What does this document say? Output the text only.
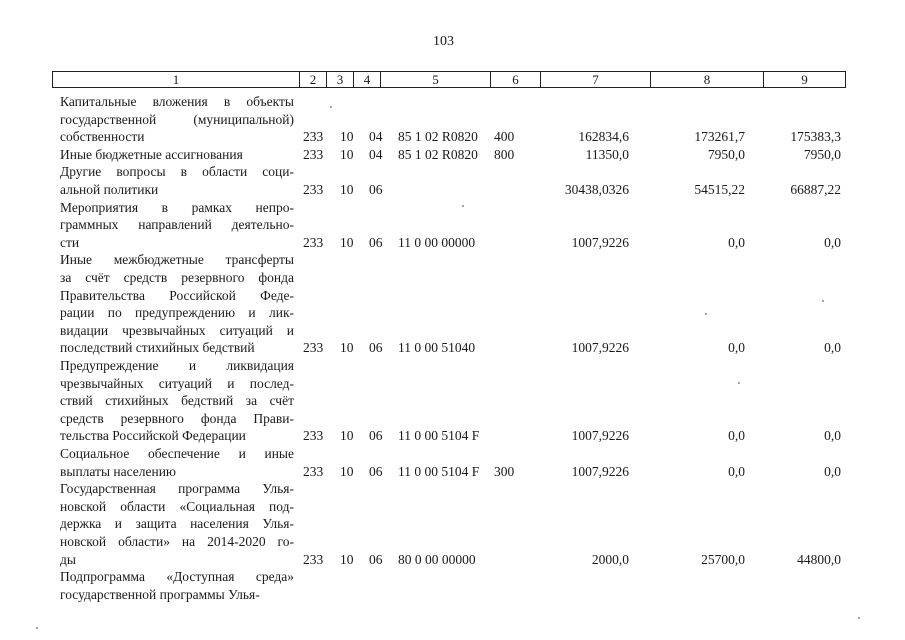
103
1	2	3	4	5	6	7	8	9
Капитальные вложения в объекты
государственной (муниципальной)
собственности	233 10 04 85 1 02 R0820 400	162834,6	173261,7	175383,3
Иные бюджетные ассигнования	233 10 04 85 1 02 R0820 800	11350,0	7950,0	7950,0
Другие вопросы в области соци-
альной политики	233 10 06	30438,0326	54515,22	66887,22
Мероприятия в рамках непро-
граммных направлений деятельно-
сти	233 10 06 11 0 00 00000	1007,9226	0,0	0,0
Иные межбюджетные трансферты
за счёт средств резервного фонда
Правительства Российской Феде-
рации по предупреждению и лик-
видации чрезвычайных ситуаций и
последствий стихийных бедствий	233 10 06 11 0 00 51040	1007,9226	0,0	0,0
Предупреждение и ликвидация
чрезвычайных ситуаций и послед-
ствий стихийных бедствий за счёт
средств резервного фонда Прави-
тельства Российской Федерации	233 10 06 11 0 00 5104 F	1007,9226	0,0	0,0
Социальное обеспечение и иные
выплаты населению	233 10 06 11 0 00 5104 F 300	1007,9226	0,0	0,0
Государственная программа Улья-
новской области «Социальная под-
держка и защита населения Улья-
новской области» на 2014-2020 го-
ды	233 10 06 80 0 00 00000	2000,0	25700,0	44800,0
Подпрограмма «Доступная среда»
государственной программы Улья-
